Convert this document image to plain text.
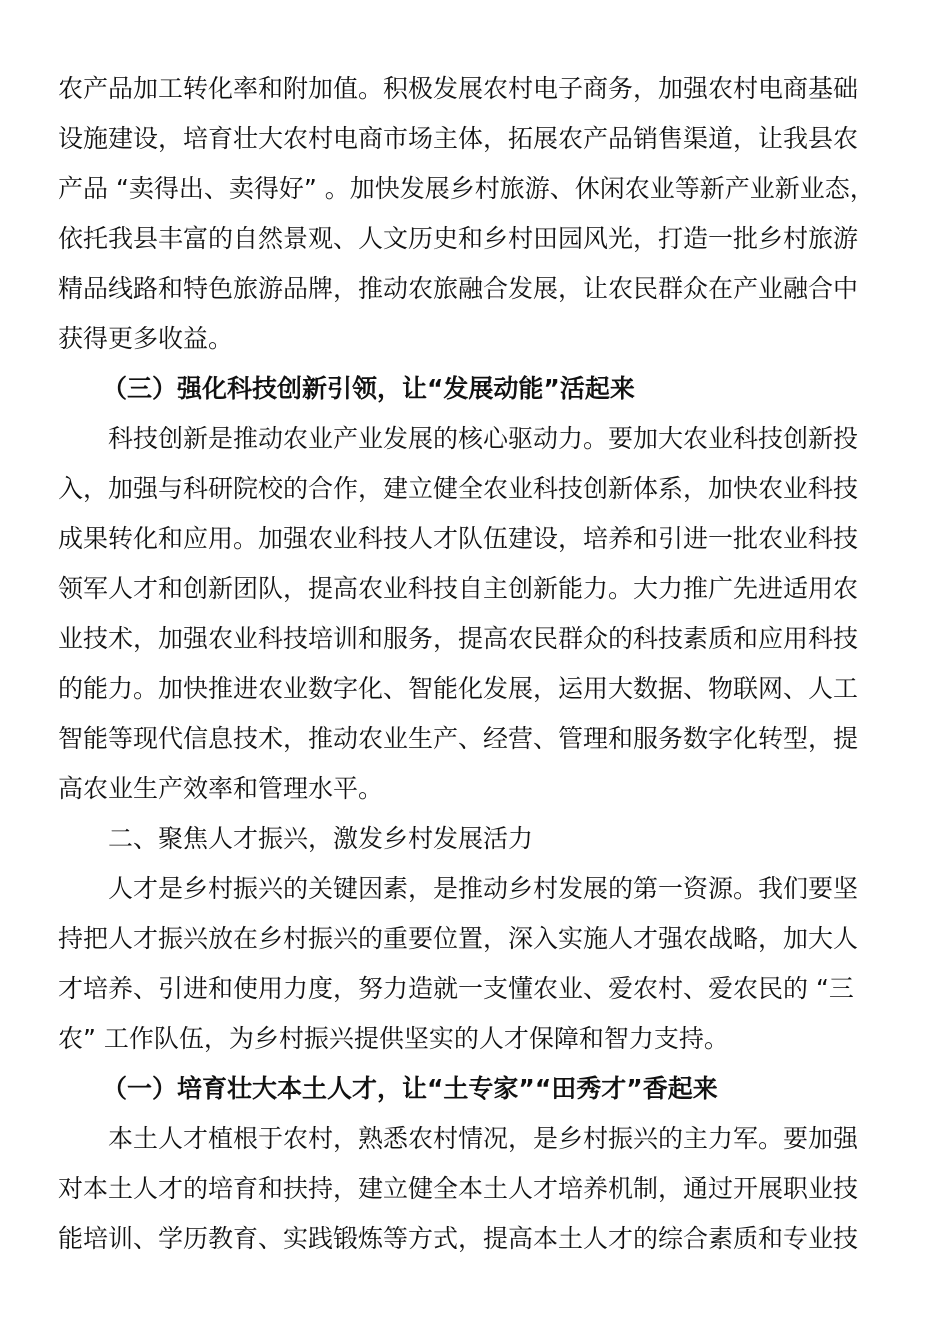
农产品加工转化率和附加值。积极发展农村电子商务，加强农村电商基础
设施建设，培育壮大农村电商市场主体，拓展农产品销售渠道，让我县农
产品 “卖得出、卖得好” 。加快发展乡村旅游、休闲农业等新产业新业态，
依托我县丰富的自然景观、人文历史和乡村田园风光，打造一批乡村旅游
精品线路和特色旅游品牌，推动农旅融合发展，让农民群众在产业融合中
获得更多收益。
（三）强化科技创新引领，让“发展动能”活起来
科技创新是推动农业产业发展的核心驱动力。要加大农业科技创新投
入，加强与科研院校的合作，建立健全农业科技创新体系，加快农业科技
成果转化和应用。加强农业科技人才队伍建设，培养和引进一批农业科技
领军人才和创新团队，提高农业科技自主创新能力。大力推广先进适用农
业技术，加强农业科技培训和服务，提高农民群众的科技素质和应用科技
的能力。加快推进农业数字化、智能化发展，运用大数据、物联网、人工
智能等现代信息技术，推动农业生产、经营、管理和服务数字化转型，提
高农业生产效率和管理水平。
二、聚焦人才振兴，激发乡村发展活力
人才是乡村振兴的关键因素，是推动乡村发展的第一资源。我们要坚
持把人才振兴放在乡村振兴的重要位置，深入实施人才强农战略，加大人
才培养、引进和使用力度，努力造就一支懂农业、爱农村、爱农民的 “三
农” 工作队伍，为乡村振兴提供坚实的人才保障和智力支持。
（一）培育壮大本土人才，让“土专家”“田秀才”香起来
本土人才植根于农村，熟悉农村情况，是乡村振兴的主力军。要加强
对本土人才的培育和扶持，建立健全本土人才培养机制，通过开展职业技
能培训、学历教育、实践锻炼等方式，提高本土人才的综合素质和专业技
